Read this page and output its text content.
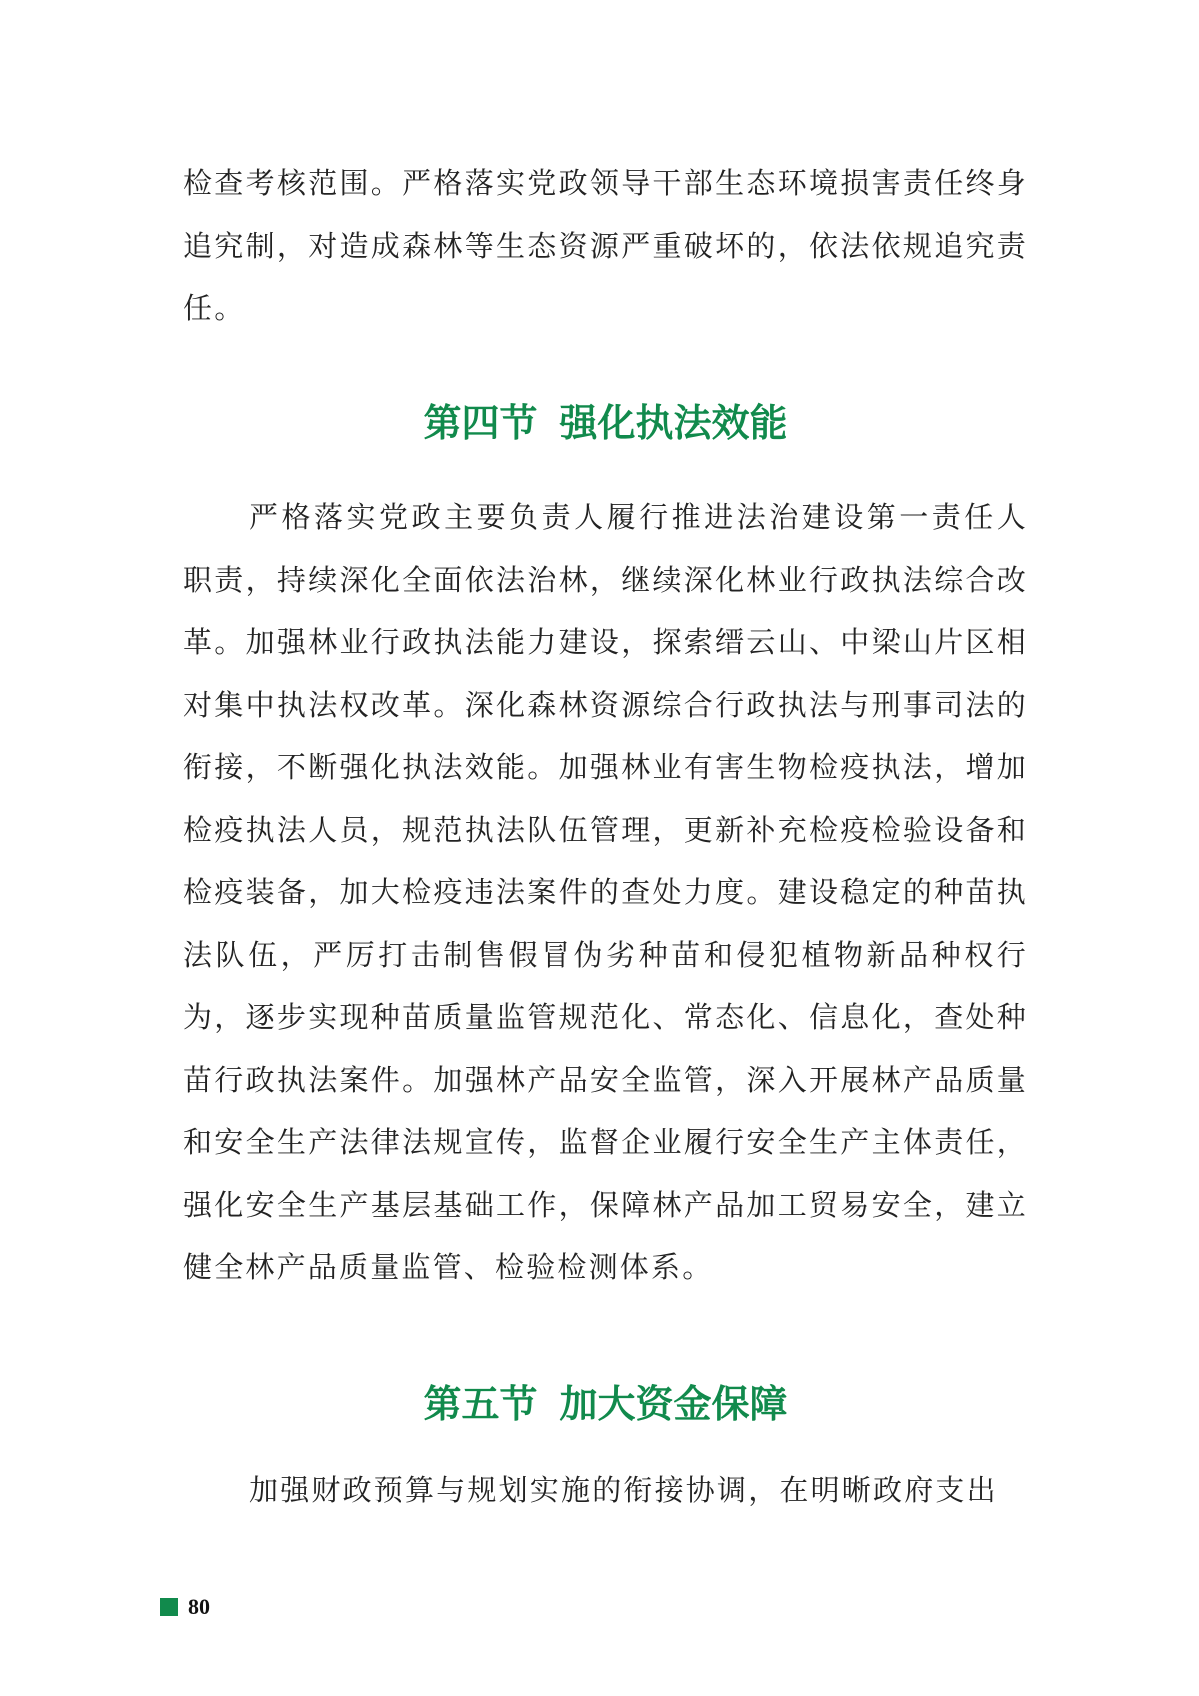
检查考核范围。严格落实党政领导干部生态环境损害责任终身追究制，对造成森林等生态资源严重破坏的，依法依规追究责任。

第四节 强化执法效能

严格落实党政主要负责人履行推进法治建设第一责任人职责，持续深化全面依法治林，继续深化林业行政执法综合改革。加强林业行政执法能力建设，探索缙云山、中梁山片区相对集中执法权改革。深化森林资源综合行政执法与刑事司法的衔接，不断强化执法效能。加强林业有害生物检疫执法，增加检疫执法人员，规范执法队伍管理，更新补充检疫检验设备和检疫装备，加大检疫违法案件的查处力度。建设稳定的种苗执法队伍，严厉打击制售假冒伪劣种苗和侵犯植物新品种权行为，逐步实现种苗质量监管规范化、常态化、信息化，查处种苗行政执法案件。加强林产品安全监管，深入开展林产品质量和安全生产法律法规宣传，监督企业履行安全生产主体责任，强化安全生产基层基础工作，保障林产品加工贸易安全，建立健全林产品质量监管、检验检测体系。

第五节 加大资金保障

加强财政预算与规划实施的衔接协调，在明晰政府支出

80
